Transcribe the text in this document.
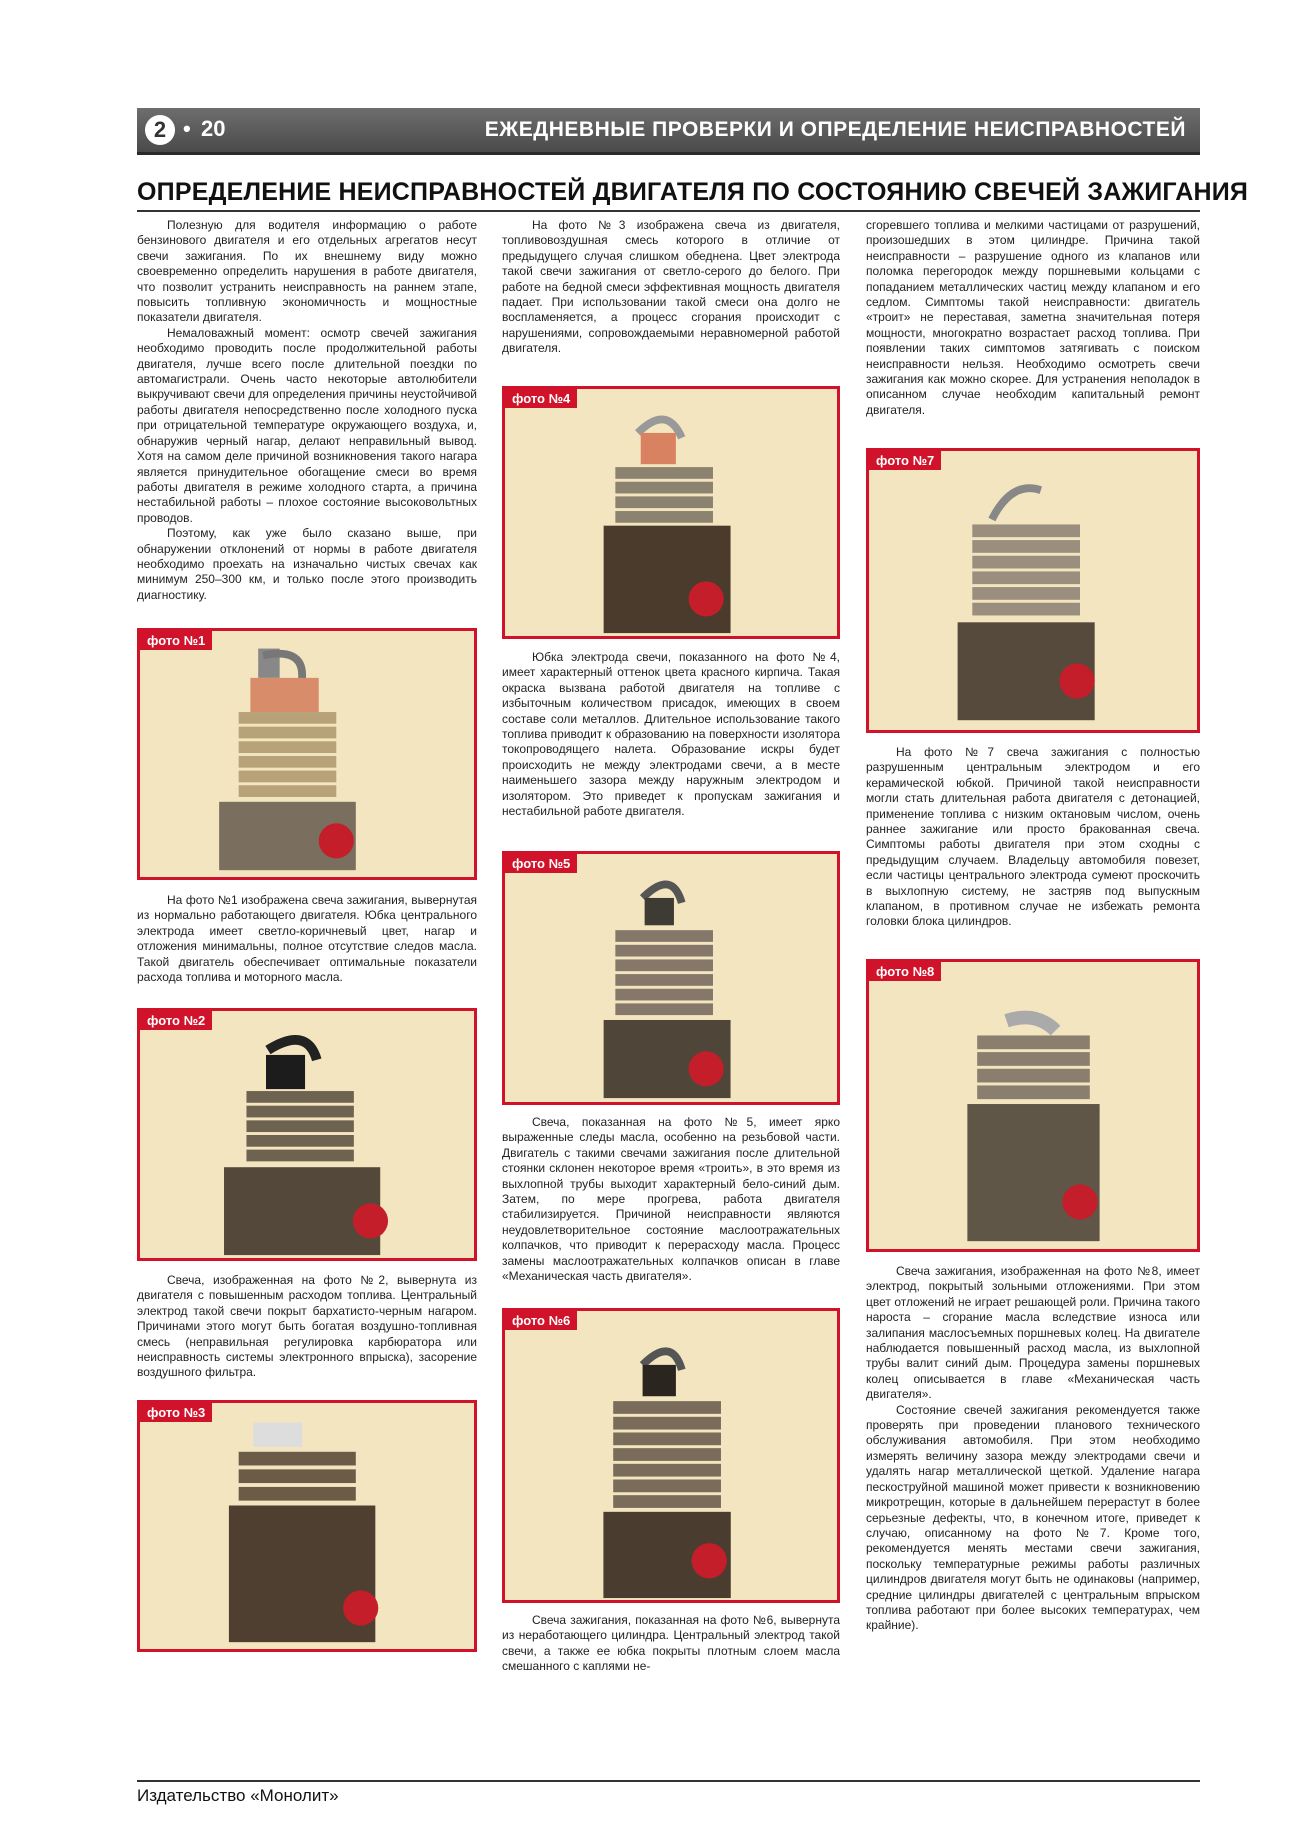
2 • 20	ЕЖЕДНЕВНЫЕ ПРОВЕРКИ И ОПРЕДЕЛЕНИЕ НЕИСПРАВНОСТЕЙ
ОПРЕДЕЛЕНИЕ НЕИСПРАВНОСТЕЙ ДВИГАТЕЛЯ ПО СОСТОЯНИЮ СВЕЧЕЙ ЗАЖИГАНИЯ

Полезную для водителя информацию о работе бензинового двигателя и его отдельных агрегатов несут свечи зажигания. По их внешнему виду можно своевременно определить нарушения в работе двигателя, что позволит устранить неисправность на раннем этапе, повысить топливную экономичность и мощностные показатели двигателя.

Немаловажный момент: осмотр свечей зажигания необходимо проводить после продолжительной работы двигателя, лучше всего после длительной поездки по автомагистрали. Очень часто некоторые автолюбители выкручивают свечи для определения причины неустойчивой работы двигателя непосредственно после холодного пуска при отрицательной температуре окружающего воздуха, и, обнаружив черный нагар, делают неправильный вывод. Хотя на самом деле причиной возникновения такого нагара является принудительное обогащение смеси во время работы двигателя в режиме холодного старта, а причина нестабильной работы – плохое состояние высоковольтных проводов.

Поэтому, как уже было сказано выше, при обнаружении отклонений от нормы в работе двигателя необходимо проехать на изначально чистых свечах как минимум 250–300 км, и только после этого производить диагностику.

фото №1

На фото №1 изображена свеча зажигания, вывернутая из нормально работающего двигателя. Юбка центрального электрода имеет светло-коричневый цвет, нагар и отложения минимальны, полное отсутствие следов масла. Такой двигатель обеспечивает оптимальные показатели расхода топлива и моторного масла.

фото №2

Свеча, изображенная на фото №2, вывернута из двигателя с повышенным расходом топлива. Центральный электрод такой свечи покрыт бархатисто-черным нагаром. Причинами этого могут быть богатая воздушно-топливная смесь (неправильная регулировка карбюратора или неисправность системы электронного впрыска), засорение воздушного фильтра.

фото №3

На фото №3 изображена свеча из двигателя, топливовоздушная смесь которого в отличие от предыдущего случая слишком обеднена. Цвет электрода такой свечи зажигания от светло-серого до белого. При работе на бедной смеси эффективная мощность двигателя падает. При использовании такой смеси она долго не воспламеняется, а процесс сгорания происходит с нарушениями, сопровождаемыми неравномерной работой двигателя.

фото №4

Юбка электрода свечи, показанного на фото №4, имеет характерный оттенок цвета красного кирпича. Такая окраска вызвана работой двигателя на топливе с избыточным количеством присадок, имеющих в своем составе соли металлов. Длительное использование такого топлива приводит к образованию на поверхности изолятора токопроводящего налета. Образование искры будет происходить не между электродами свечи, а в месте наименьшего зазора между наружным электродом и изолятором. Это приведет к пропускам зажигания и нестабильной работе двигателя.

фото №5

Свеча, показанная на фото №5, имеет ярко выраженные следы масла, особенно на резьбовой части. Двигатель с такими свечами зажигания после длительной стоянки склонен некоторое время «троить», в это время из выхлопной трубы выходит характерный бело-синий дым. Затем, по мере прогрева, работа двигателя стабилизируется. Причиной неисправности являются неудовлетворительное состояние маслоотражательных колпачков, что приводит к перерасходу масла. Процесс замены маслоотражательных колпачков описан в главе «Механическая часть двигателя».

фото №6

Свеча зажигания, показанная на фото №6, вывернута из неработающего цилиндра. Центральный электрод такой свечи, а также ее юбка покрыты плотным слоем масла смешанного с каплями не-

сгоревшего топлива и мелкими частицами от разрушений, произошедших в этом цилиндре. Причина такой неисправности – разрушение одного из клапанов или поломка перегородок между поршневыми кольцами с попаданием металлических частиц между клапаном и его седлом. Симптомы такой неисправности: двигатель «троит» не переставая, заметна значительная потеря мощности, многократно возрастает расход топлива. При появлении таких симптомов затягивать с поиском неисправности нельзя. Необходимо осмотреть свечи зажигания как можно скорее. Для устранения неполадок в описанном случае необходим капитальный ремонт двигателя.

фото №7

На фото №7 свеча зажигания с полностью разрушенным центральным электродом и его керамической юбкой. Причиной такой неисправности могли стать длительная работа двигателя с детонацией, применение топлива с низким октановым числом, очень раннее зажигание или просто бракованная свеча. Симптомы работы двигателя при этом сходны с предыдущим случаем. Владельцу автомобиля повезет, если частицы центрального электрода сумеют проскочить в выхлопную систему, не застряв под выпускным клапаном, в противном случае не избежать ремонта головки блока цилиндров.

фото №8

Свеча зажигания, изображенная на фото №8, имеет электрод, покрытый зольными отложениями. При этом цвет отложений не играет решающей роли. Причина такого нароста – сгорание масла вследствие износа или залипания маслосъемных поршневых колец. На двигателе наблюдается повышенный расход масла, из выхлопной трубы валит синий дым. Процедура замены поршневых колец описывается в главе «Механическая часть двигателя».

Состояние свечей зажигания рекомендуется также проверять при проведении планового технического обслуживания автомобиля. При этом необходимо измерять величину зазора между электродами свечи и удалять нагар металлической щеткой. Удаление нагара пескоструйной машиной может привести к возникновению микротрещин, которые в дальнейшем перерастут в более серьезные дефекты, что, в конечном итоге, приведет к случаю, описанному на фото №7. Кроме того, рекомендуется менять местами свечи зажигания, поскольку температурные режимы работы различных цилиндров двигателя могут быть не одинаковы (например, средние цилиндры двигателей с центральным впрыском топлива работают при более высоких температурах, чем крайние).

Издательство «Монолит»
